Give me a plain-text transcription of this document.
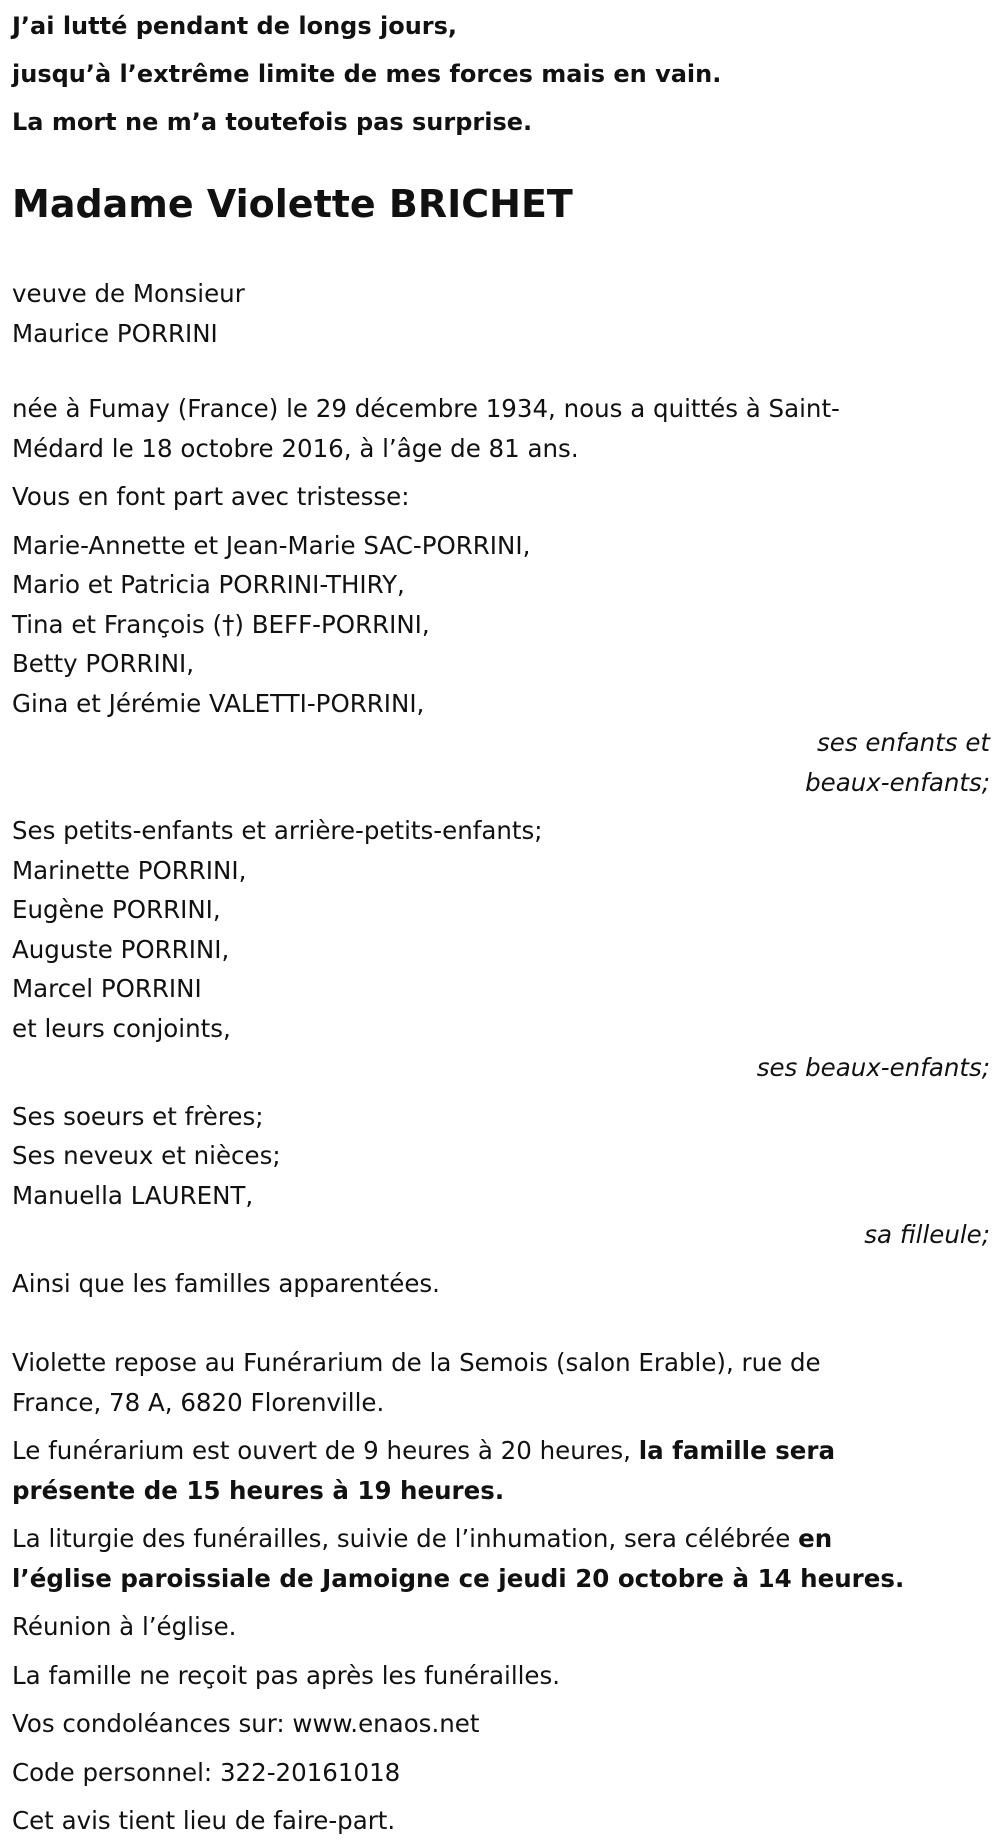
J’ai lutté pendant de longs jours,

jusqu’à l’extrême limite de mes forces mais en vain.

La mort ne m’a toutefois pas surprise.

Madame Violette BRICHET

veuve de Monsieur

Maurice PORRINI

née à Fumay (France) le 29 décembre 1934, nous a quittés à Saint-

Médard le 18 octobre 2016, à l’âge de 81 ans.

Vous en font part avec tristesse:

Marie-Annette et Jean-Marie SAC-PORRINI,

Mario et Patricia PORRINI-THIRY,

Tina et François (†) BEFF-PORRINI,

Betty PORRINI,

Gina et Jérémie VALETTI-PORRINI,

ses enfants et

beaux-enfants;

Ses petits-enfants et arrière-petits-enfants;

Marinette PORRINI,

Eugène PORRINI,

Auguste PORRINI,

Marcel PORRINI

et leurs conjoints,

ses beaux-enfants;

Ses soeurs et frères;

Ses neveux et nièces;

Manuella LAURENT,

sa filleule;

Ainsi que les familles apparentées.

Violette repose au Funérarium de la Semois (salon Erable), rue de

France, 78 A, 6820 Florenville.

Le funérarium est ouvert de 9 heures à 20 heures, la famille sera

présente de 15 heures à 19 heures.

La liturgie des funérailles, suivie de l’inhumation, sera célébrée en

l’église paroissiale de Jamoigne ce jeudi 20 octobre à 14 heures.

Réunion à l’église.

La famille ne reçoit pas après les funérailles.

Vos condoléances sur: www.enaos.net

Code personnel: 322-20161018

Cet avis tient lieu de faire-part.
